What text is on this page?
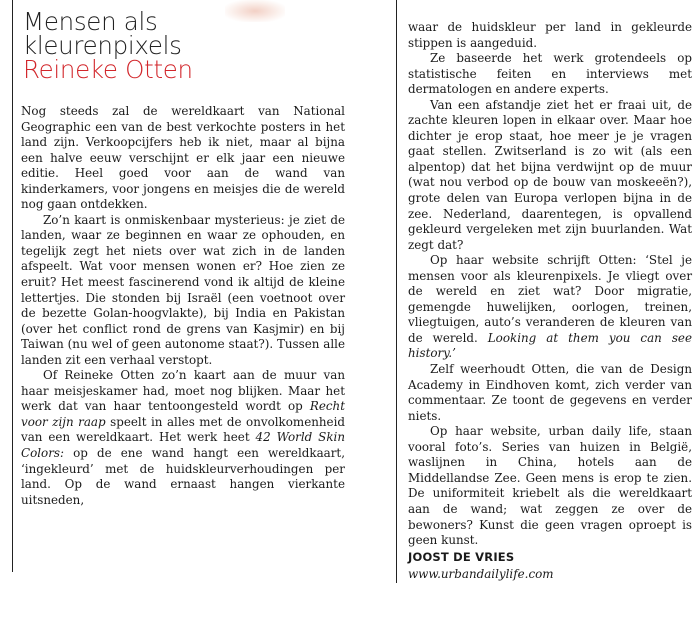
Mensen als
kleurenpixels
Reineke Otten

Nog steeds zal de wereldkaart van National Geographic een van de best verkochte posters in het land zijn. Verkoopcijfers heb ik niet, maar al bijna een halve eeuw verschijnt er elk jaar een nieuwe editie. Heel goed voor aan de wand van kinderkamers, voor jongens en meisjes die de wereld nog gaan ontdekken.

Zo’n kaart is onmiskenbaar mysterieus: je ziet de landen, waar ze beginnen en waar ze ophouden, en tegelijk zegt het niets over wat zich in de landen afspeelt. Wat voor mensen wonen er? Hoe zien ze eruit? Het meest fascinerend vond ik altijd de kleine lettertjes. Die stonden bij Israël (een voetnoot over de bezette Golan-hoogvlakte), bij India en Pakistan (over het conflict rond de grens van Kasjmir) en bij Taiwan (nu wel of geen autonome staat?). Tussen alle landen zit een verhaal verstopt.

Of Reineke Otten zo’n kaart aan de muur van haar meisjeskamer had, moet nog blijken. Maar het werk dat van haar tentoongesteld wordt op Recht voor zijn raap speelt in alles met de onvolkomenheid van een wereldkaart. Het werk heet 42 World Skin Colors: op de ene wand hangt een wereldkaart, ‘ingekleurd’ met de huidskleurverhoudingen per land. Op de wand ernaast hangen vierkante uitsneden,

waar de huidskleur per land in gekleurde stippen is aangeduid.

Ze baseerde het werk grotendeels op statistische feiten en interviews met dermatologen en andere experts.

Van een afstandje ziet het er fraai uit, de zachte kleuren lopen in elkaar over. Maar hoe dichter je erop staat, hoe meer je je vragen gaat stellen. Zwitserland is zo wit (als een alpentop) dat het bijna verdwijnt op de muur (wat nou verbod op de bouw van moskeeën?), grote delen van Europa verlopen bijna in de zee. Nederland, daarentegen, is opvallend gekleurd vergeleken met zijn buurlanden. Wat zegt dat?

Op haar website schrijft Otten: ‘Stel je mensen voor als kleurenpixels. Je vliegt over de wereld en ziet wat? Door migratie, gemengde huwelijken, oorlogen, treinen, vliegtuigen, auto’s veranderen de kleuren van de wereld. Looking at them you can see history.’

Zelf weerhoudt Otten, die van de Design Academy in Eindhoven komt, zich verder van commentaar. Ze toont de gegevens en verder niets.

Op haar website, urban daily life, staan vooral foto’s. Series van huizen in België, waslijnen in China, hotels aan de Middellandse Zee. Geen mens is erop te zien. De uniformiteit kriebelt als die wereldkaart aan de wand; wat zeggen ze over de bewoners? Kunst die geen vragen oproept is geen kunst.

JOOST DE VRIES

www.urbandailylife.com
